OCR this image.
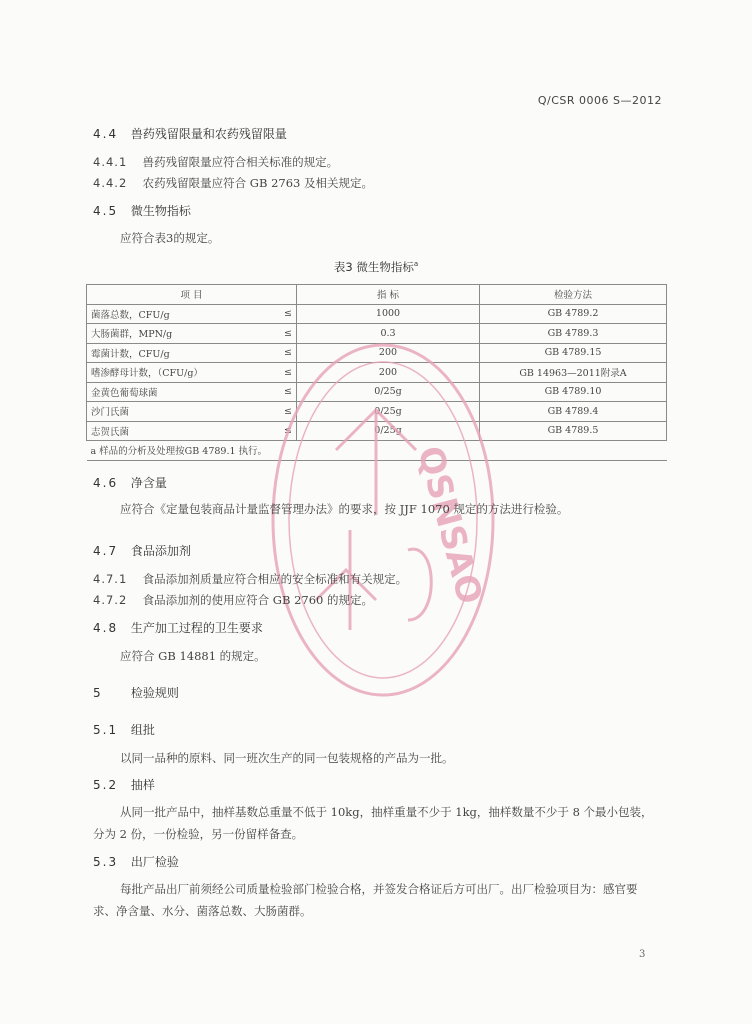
Q/CSR 0006 S—2012
4.4 兽药残留限量和农药残留限量
4.4.1 兽药残留限量应符合相关标准的规定。
4.4.2 农药残留限量应符合 GB 2763 及相关规定。
4.5 微生物指标
应符合表3的规定。
表3 微生物指标$^a$
项 目		指 标	检验方法
菌落总数，CFU/g	≤	1000	GB 4789.2
大肠菌群，MPN/g	≤	0.3	GB 4789.3
霉菌计数，CFU/g	≤	200	GB 4789.15
嗜渗酵母计数，（CFU/g）	≤	200	GB 14963—2011附录A
金黄色葡萄球菌	≤	0/25g	GB 4789.10
沙门氏菌	≤	0/25g	GB 4789.4
志贺氏菌	≤	0/25g	GB 4789.5
a 样品的分析及处理按GB 4789.1 执行。				QSNSAO
4.6 净含量
应符合《定量包装商品计量监督管理办法》的要求，按 JJF 1070 规定的方法进行检验。
4.7 食品添加剂
4.7.1 食品添加剂质量应符合相应的安全标准和有关规定。
4.7.2 食品添加剂的使用应符合 GB 2760 的规定。
4.8 生产加工过程的卫生要求
应符合 GB 14881 的规定。
5 检验规则
5.1 组批
以同一品种的原料、同一班次生产的同一包装规格的产品为一批。
5.2 抽样
从同一批产品中，抽样基数总重量不低于 10kg，抽样重量不少于 1kg，抽样数量不少于 8 个最小包装，分为 2 份，一份检验，另一份留样备查。
5.3 出厂检验
每批产品出厂前须经公司质量检验部门检验合格，并签发合格证后方可出厂。出厂检验项目为：感官要求、净含量、水分、菌落总数、大肠菌群。
3
